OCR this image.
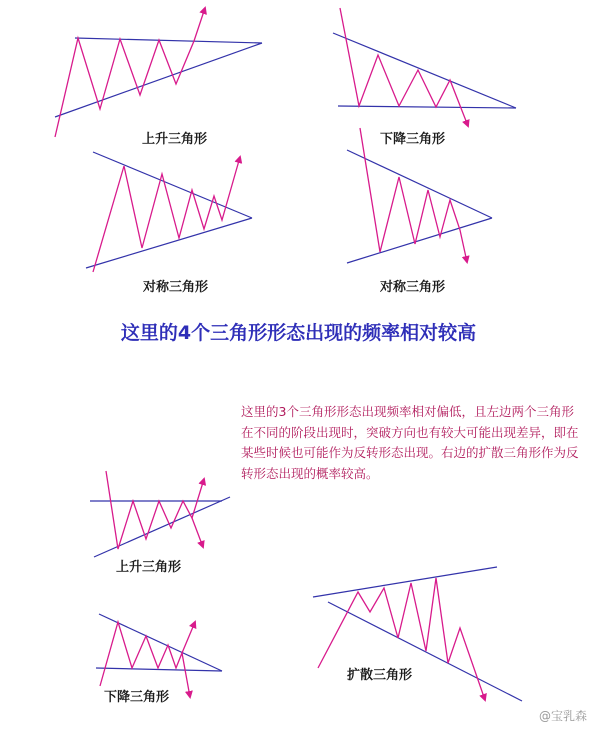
上升三角形	下降三角形
对称三角形	对称三角形
这里的4个三角形形态出现的频率相对较高
这里的3个三角形形态出现频率相对偏低，且左边两个三角形在不同的阶段出现时，突破方向也有较大可能出现差异，即在某些时候也可能作为反转形态出现。右边的扩散三角形作为反转形态出现的概率较高。
上升三角形
下降三角形
扩散三角形
@宝乳森
